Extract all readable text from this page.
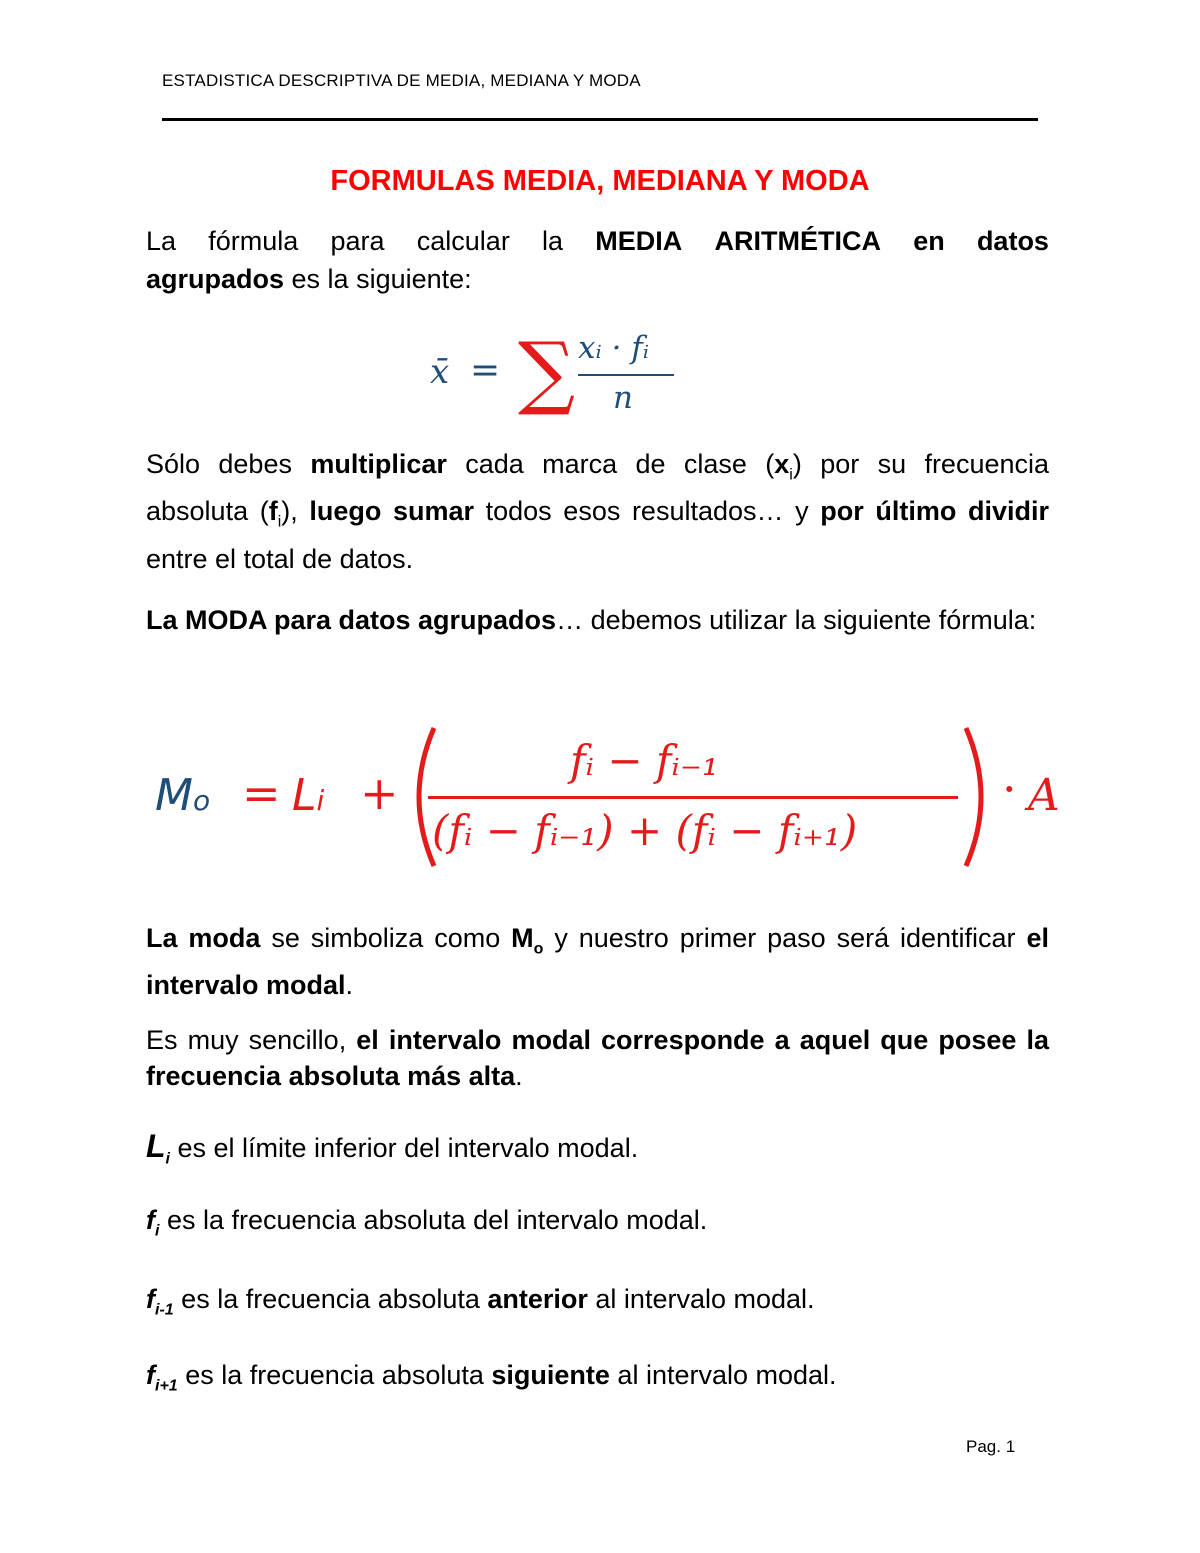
ESTADISTICA DESCRIPTIVA DE MEDIA, MEDIANA Y MODA
FORMULAS MEDIA, MEDIANA Y MODA
La fórmula para calcular la MEDIA ARITMÉTICA en datos
agrupados es la siguiente:
x̄ = ∑ xᵢ · fᵢ
n
Sólo debes multiplicar cada marca de clase $(x_i)$ por su frecuencia absoluta $(f_i)$, luego sumar todos esos resultados… y por último dividir entre el total de datos.
La MODA para datos agrupados… debemos utilizar la siguiente fórmula:
Mo = Li +
fᵢ − fᵢ₋₁
(fᵢ − fᵢ₋₁) + (fᵢ − fᵢ₊₁)
· A
La moda se simboliza como $M_o$ y nuestro primer paso será identificar el intervalo modal.
Es muy sencillo, el intervalo modal corresponde a aquel que posee la frecuencia absoluta más alta.
$L_i$ es el límite inferior del intervalo modal.
$f_i$ es la frecuencia absoluta del intervalo modal.
$f_{i-1}$ es la frecuencia absoluta anterior al intervalo modal.
$f_{i+1}$ es la frecuencia absoluta siguiente al intervalo modal.
Pag. 1
